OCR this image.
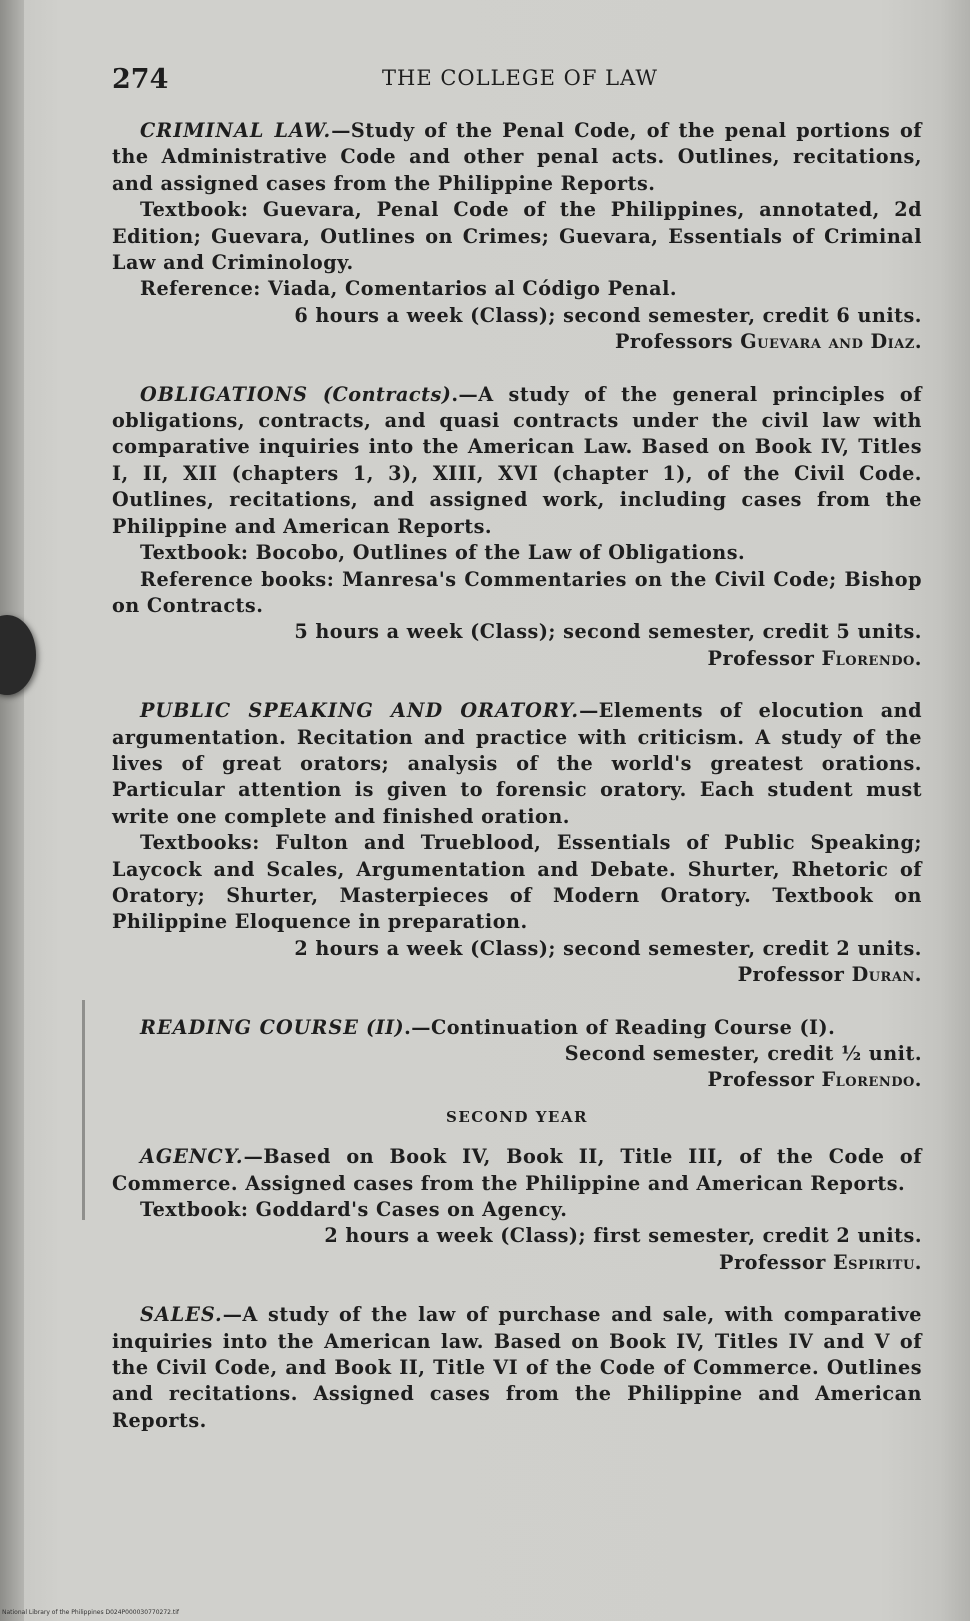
274	THE COLLEGE OF LAW

CRIMINAL LAW.—Study of the Penal Code, of the penal portions of the Administrative Code and other penal acts. Outlines, recitations, and assigned cases from the Philippine Reports.

Textbook: Guevara, Penal Code of the Philippines, annotated, 2d Edition; Guevara, Outlines on Crimes; Guevara, Essentials of Criminal Law and Criminology.

Reference: Viada, Comentarios al Código Penal.

6 hours a week (Class); second semester, credit 6 units.
Professors Guevara and Diaz.

OBLIGATIONS (Contracts).—A study of the general principles of obligations, contracts, and quasi contracts under the civil law with comparative inquiries into the American Law. Based on Book IV, Titles I, II, XII (chapters 1, 3), XIII, XVI (chapter 1), of the Civil Code. Outlines, recitations, and assigned work, including cases from the Philippine and American Reports.

Textbook: Bocobo, Outlines of the Law of Obligations.

Reference books: Manresa's Commentaries on the Civil Code; Bishop on Contracts.

5 hours a week (Class); second semester, credit 5 units.
Professor Florendo.

PUBLIC SPEAKING AND ORATORY.—Elements of elocution and argumentation. Recitation and practice with criticism. A study of the lives of great orators; analysis of the world's greatest orations. Particular attention is given to forensic oratory. Each student must write one complete and finished oration.

Textbooks: Fulton and Trueblood, Essentials of Public Speaking; Laycock and Scales, Argumentation and Debate. Shurter, Rhetoric of Oratory; Shurter, Masterpieces of Modern Oratory. Textbook on Philippine Eloquence in preparation.

2 hours a week (Class); second semester, credit 2 units.
Professor Duran.

READING COURSE (II).—Continuation of Reading Course (I).

Second semester, credit ½ unit.
Professor Florendo.
SECOND YEAR

AGENCY.—Based on Book IV, Book II, Title III, of the Code of Commerce. Assigned cases from the Philippine and American Reports.

Textbook: Goddard's Cases on Agency.

2 hours a week (Class); first semester, credit 2 units.
Professor Espiritu.

SALES.—A study of the law of purchase and sale, with comparative inquiries into the American law. Based on Book IV, Titles IV and V of the Civil Code, and Book II, Title VI of the Code of Commerce. Outlines and recitations. Assigned cases from the Philippine and American Reports.

National Library of the Philippines D024P000030770272.tif
